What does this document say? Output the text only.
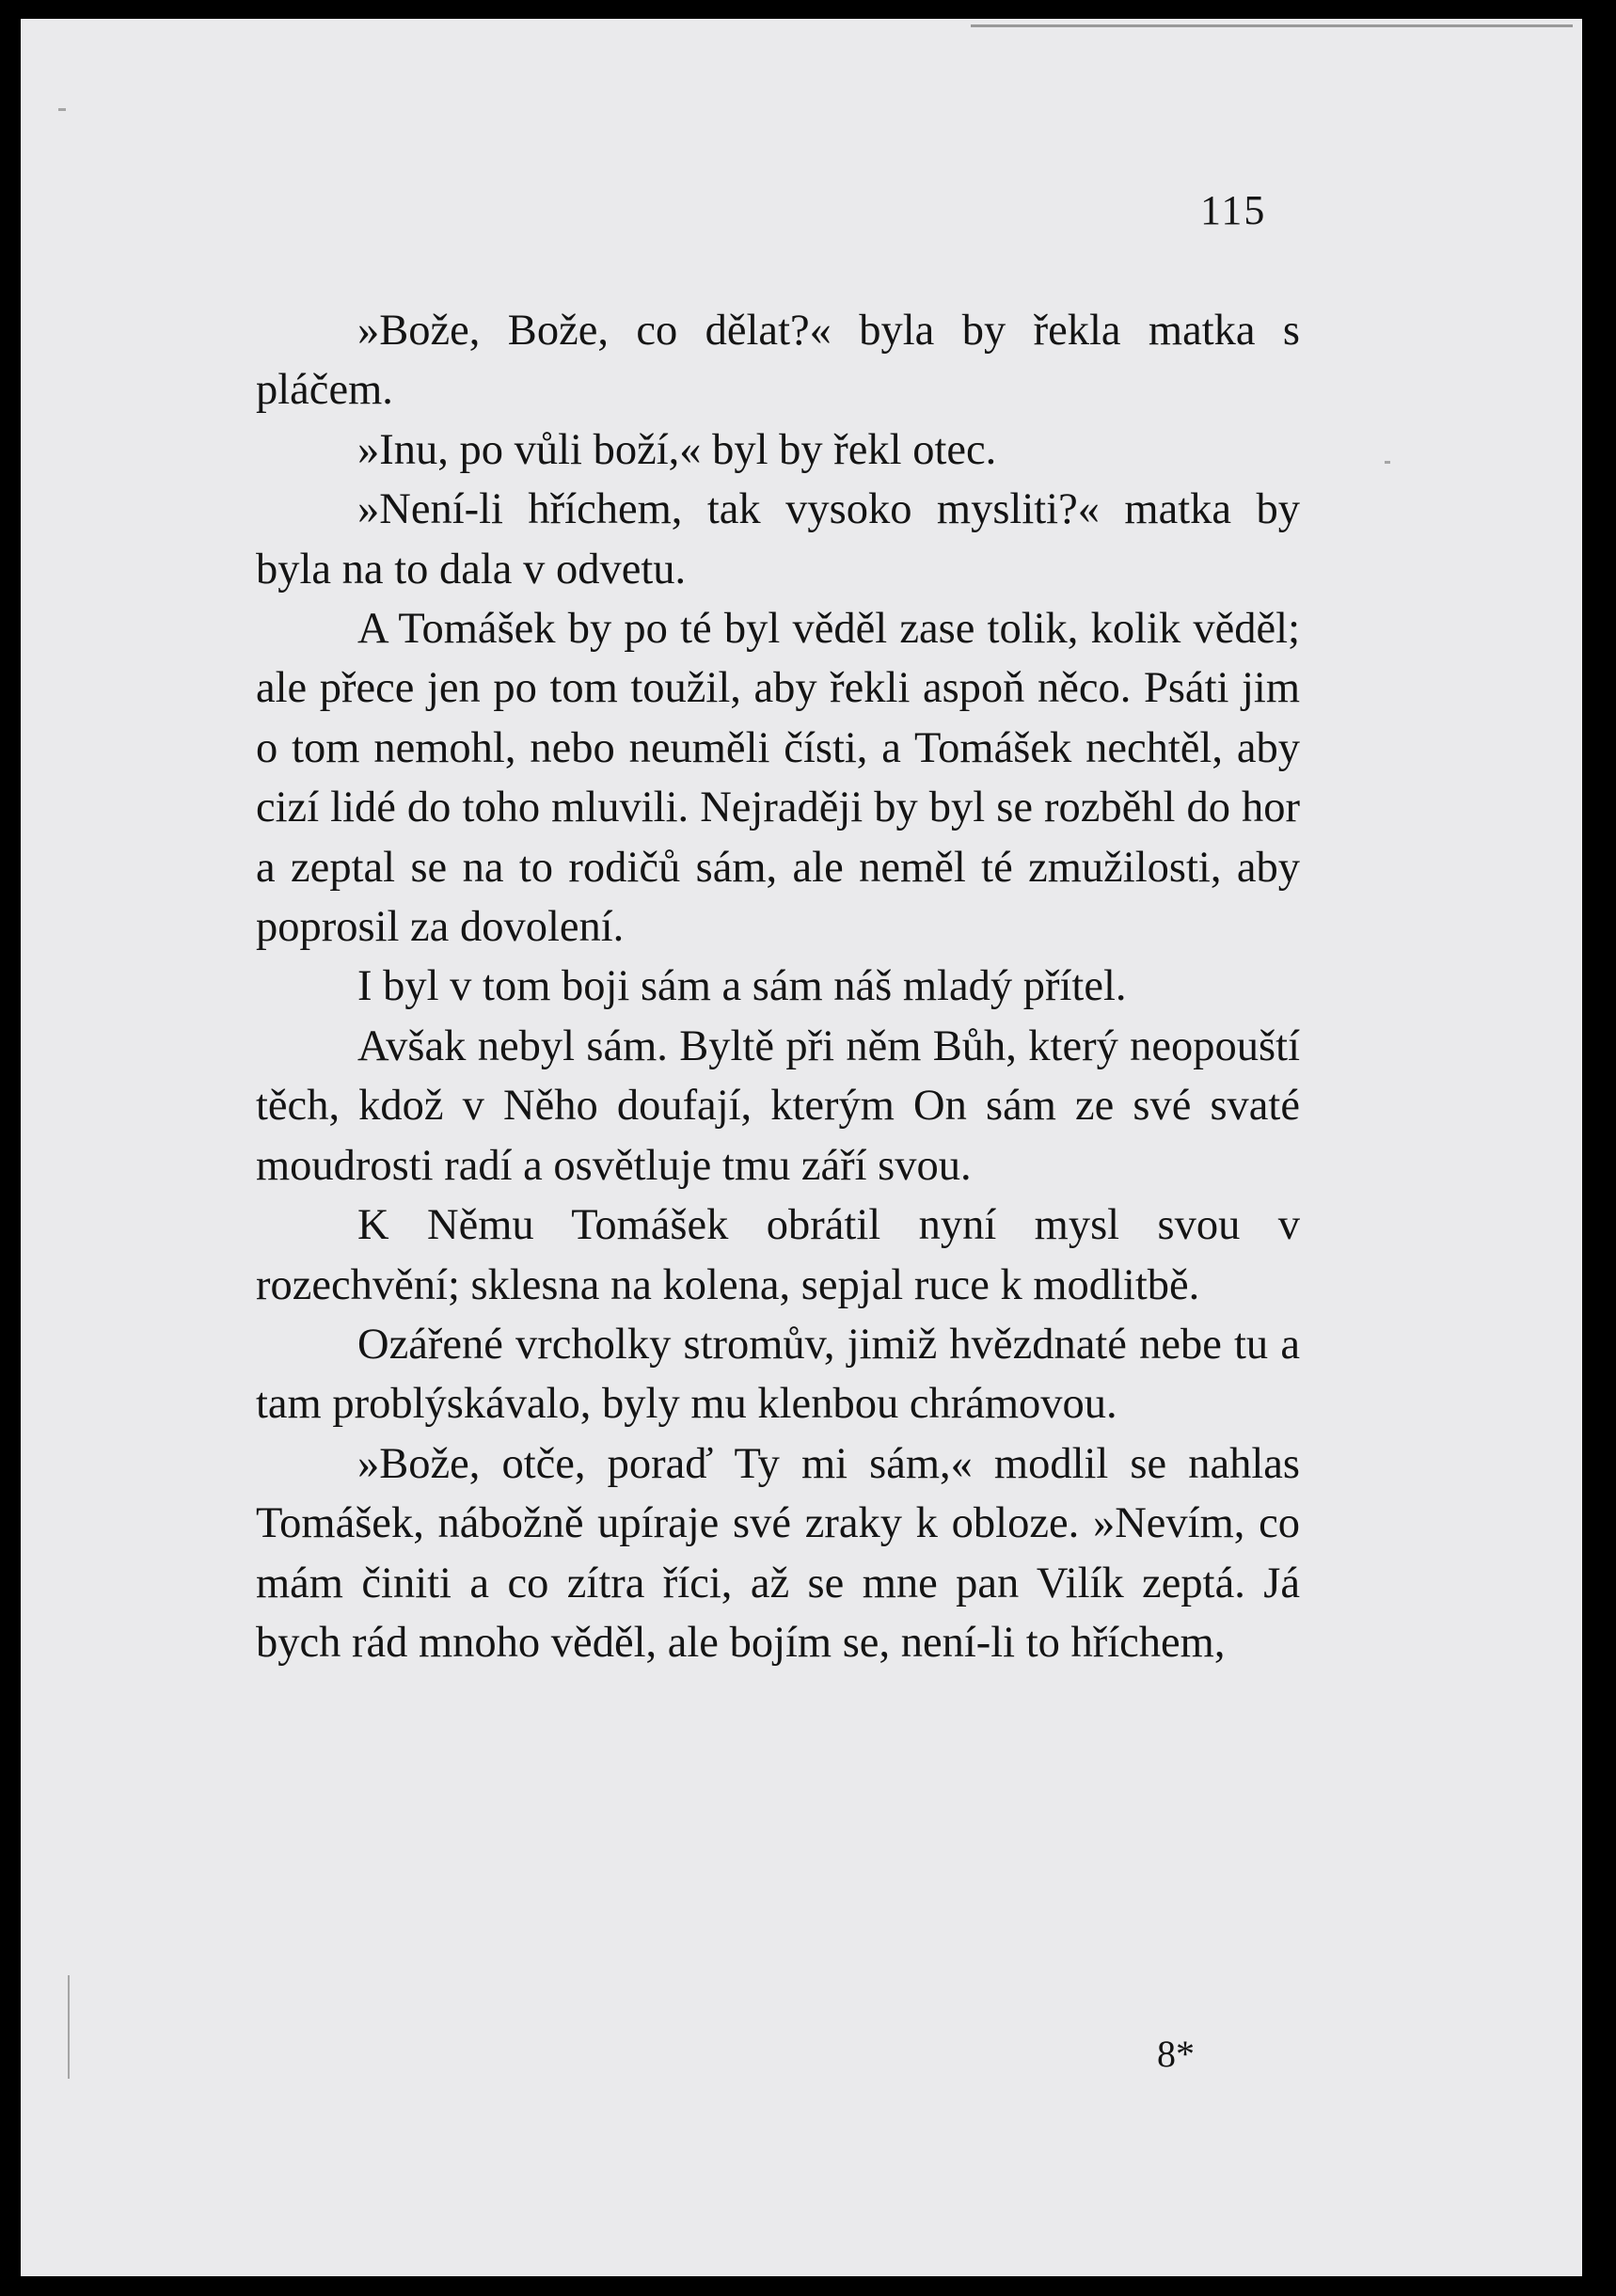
115

»Bože, Bože, co dělat?« byla by řekla matka s pláčem.

»Inu, po vůli boží,« byl by řekl otec.

»Není-li hříchem, tak vysoko mysliti?« matka by byla na to dala v odvetu.

A Tomášek by po té byl věděl zase tolik, kolik věděl; ale přece jen po tom toužil, aby řekli aspoň něco. Psáti jim o tom nemohl, nebo neuměli čísti, a Tomášek nechtěl, aby cizí lidé do toho mluvili. Nejraději by byl se rozběhl do hor a zeptal se na to rodičů sám, ale neměl té zmužilosti, aby poprosil za dovolení.

I byl v tom boji sám a sám náš mladý přítel.

Avšak nebyl sám. Byltě při něm Bůh, který neopouští těch, kdož v Něho doufají, kterým On sám ze své svaté moudrosti radí a osvětluje tmu září svou.

K Němu Tomášek obrátil nyní mysl svou v rozechvění; sklesna na kolena, sepjal ruce k modlitbě.

Ozářené vrcholky stromův, jimiž hvězdnaté nebe tu a tam problýskávalo, byly mu klenbou chrámovou.

»Bože, otče, poraď Ty mi sám,« modlil se nahlas Tomášek, nábožně upíraje své zraky k obloze. »Nevím, co mám činiti a co zítra říci, až se mne pan Vilík zeptá. Já bych rád mnoho věděl, ale bojím se, není-li to hříchem,

8*
